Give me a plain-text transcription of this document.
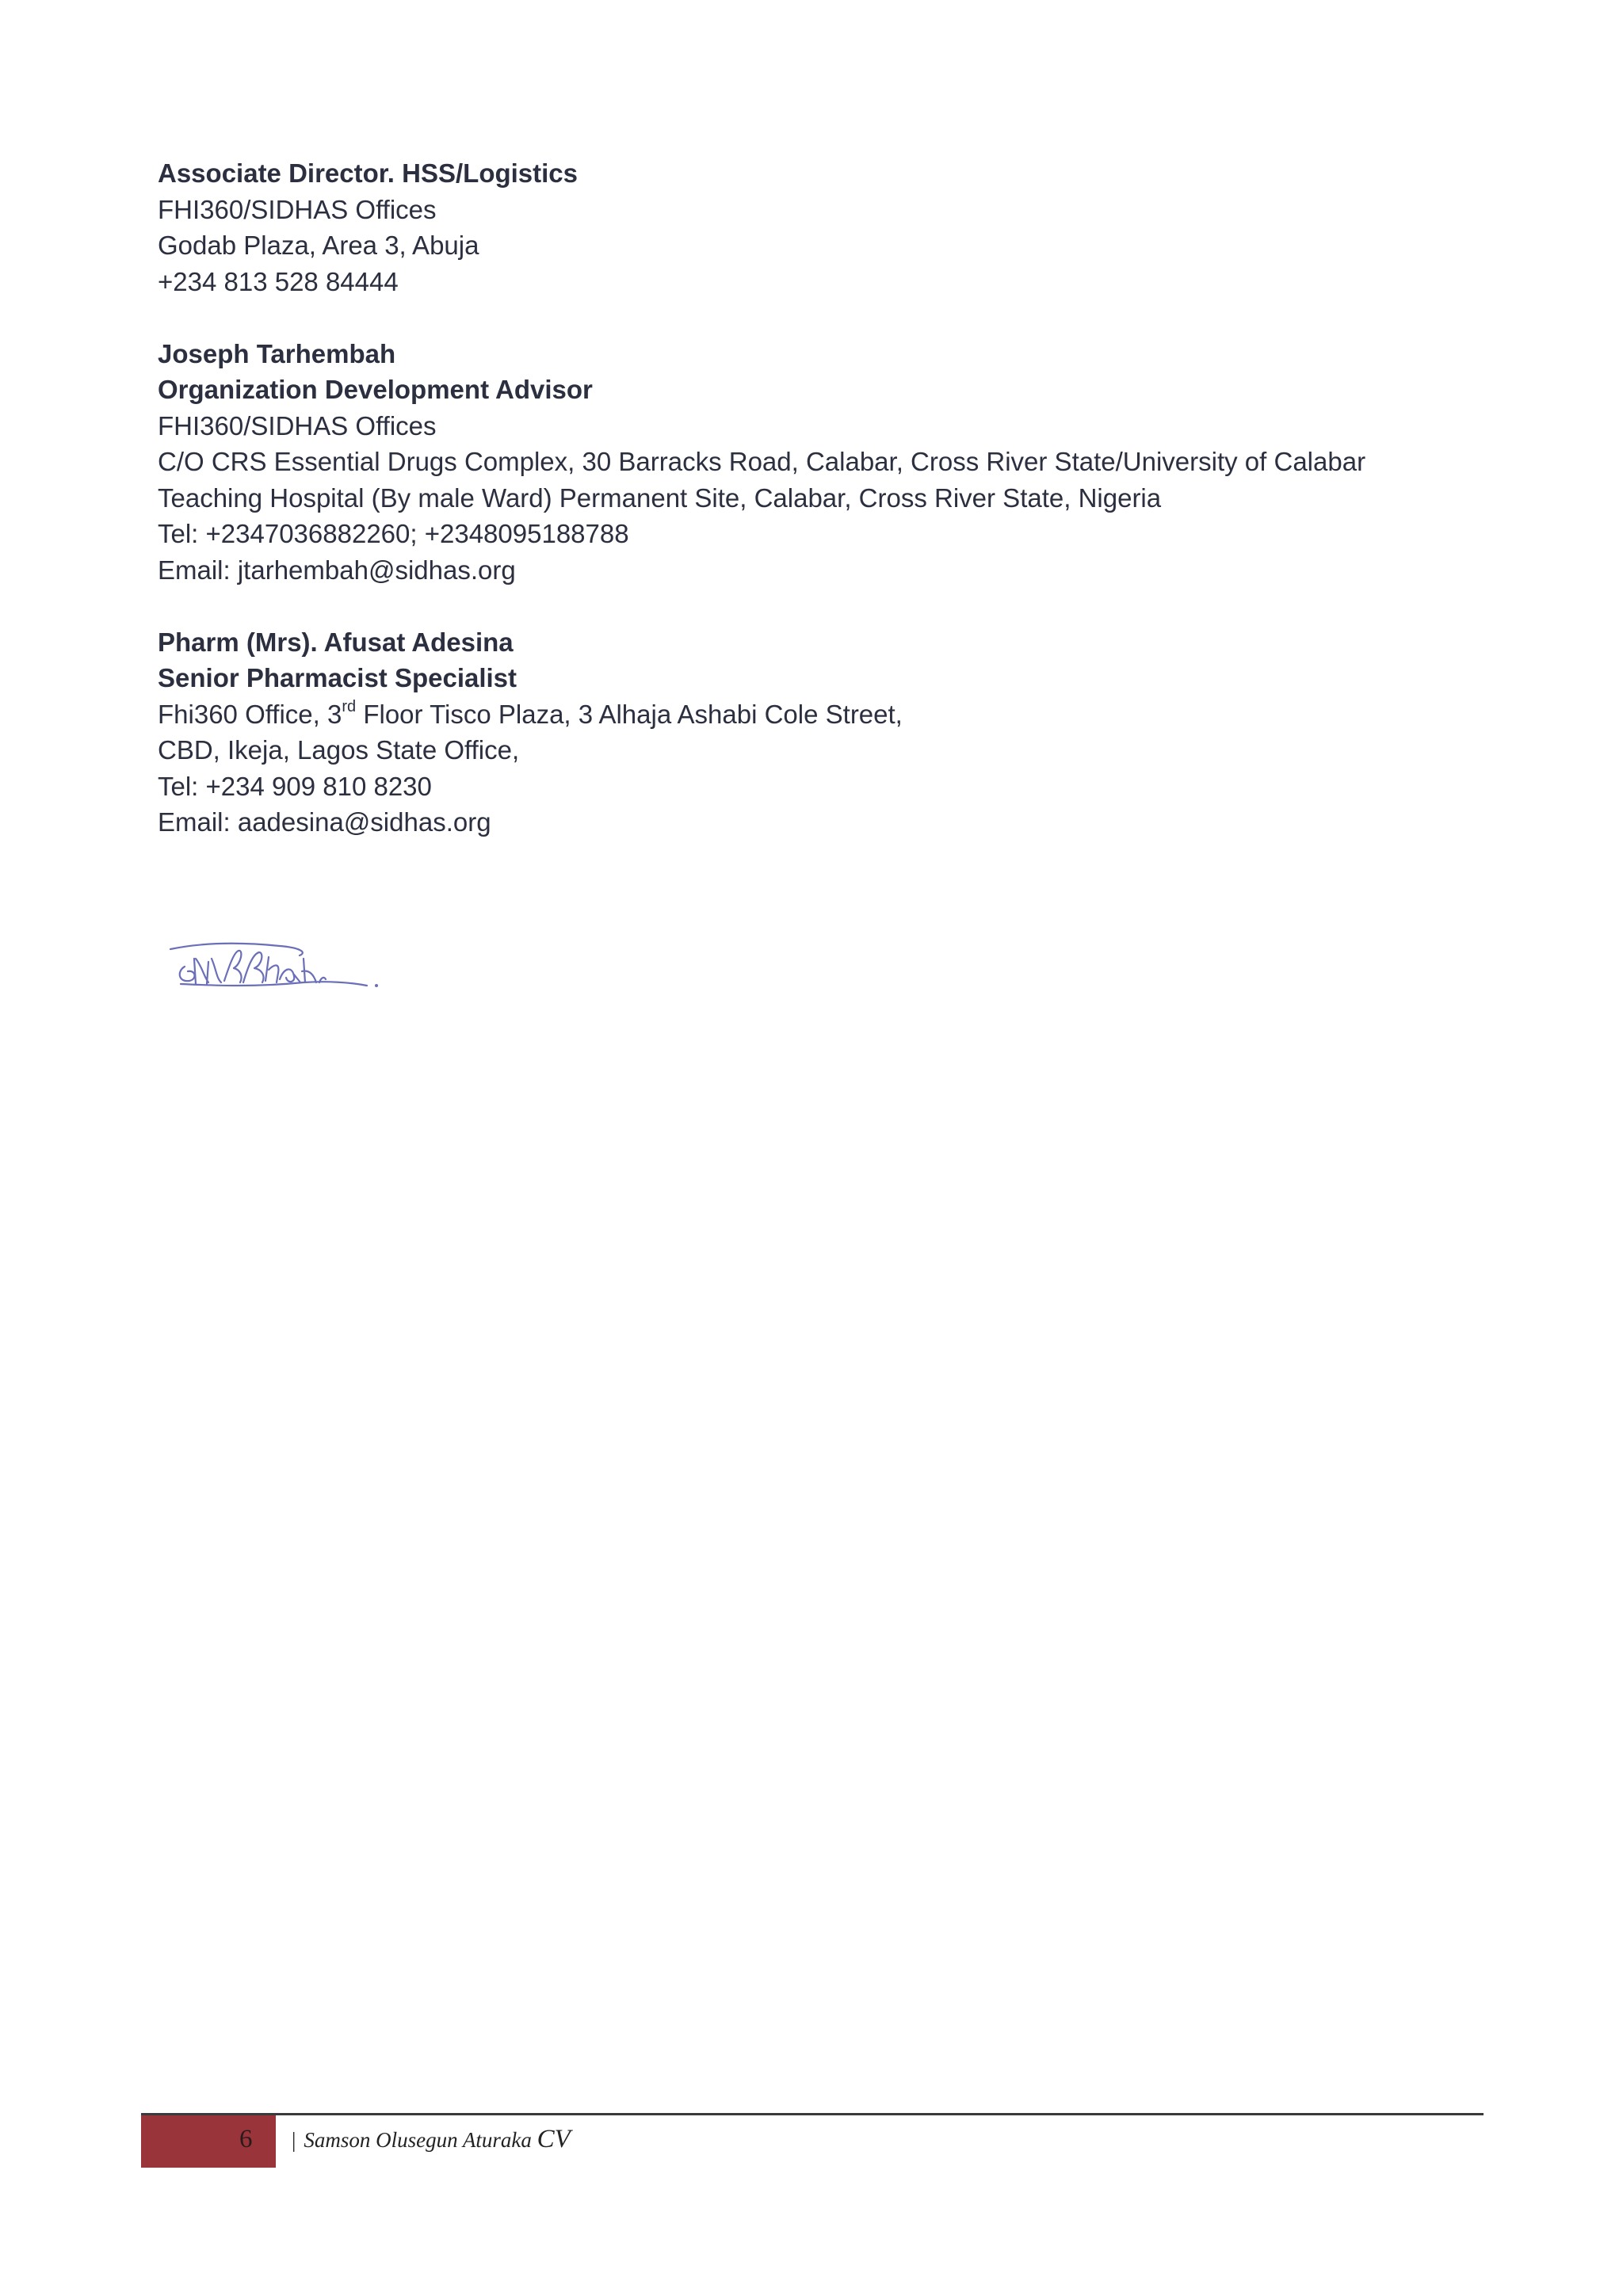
Associate Director. HSS/Logistics

FHI360/SIDHAS Offices

Godab Plaza, Area 3, Abuja

+234 813 528 84444

Joseph Tarhembah

Organization Development Advisor

FHI360/SIDHAS Offices

C/O CRS Essential Drugs Complex, 30 Barracks Road, Calabar, Cross River State/University of Calabar

Teaching Hospital (By male Ward) Permanent Site, Calabar, Cross River State, Nigeria

Tel: +2347036882260; +2348095188788

Email: jtarhembah@sidhas.org

Pharm (Mrs). Afusat Adesina

Senior Pharmacist Specialist

Fhi360 Office, 3rd Floor Tisco Plaza, 3 Alhaja Ashabi Cole Street,

CBD, Ikeja, Lagos State Office,

Tel: +234 909 810 8230

Email: aadesina@sidhas.org

6 | Samson Olusegun Aturaka CV
